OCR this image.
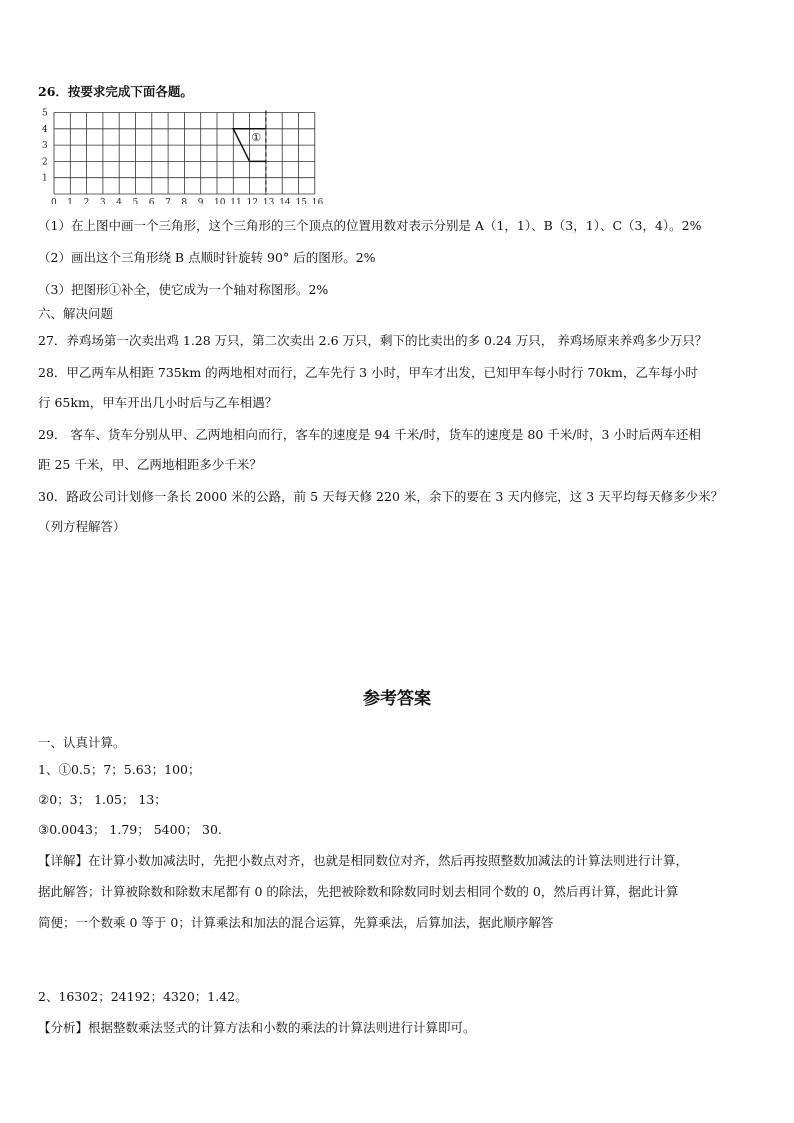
26．按要求完成下面各题。
0 1 2 3 4 5 6 7 8 9 10 11 12 13 14 15 16
1
2
3
4
5
①
（1）在上图中画一个三角形，这个三角形的三个顶点的位置用数对表示分别是 A（1，1）、B（3，1）、C（3，4）。2%
（2）画出这个三角形绕 B 点顺时针旋转 90° 后的图形。2%
（3）把图形①补全，使它成为一个轴对称图形。2%
六、解决问题
27．养鸡场第一次卖出鸡 1.28 万只，第二次卖出 2.6 万只，剩下的比卖出的多 0.24 万只， 养鸡场原来养鸡多少万只？
28．甲乙两车从相距 735km 的两地相对而行，乙车先行 3 小时，甲车才出发，已知甲车每小时行 70km，乙车每小时
行 65km，甲车开出几小时后与乙车相遇？
29． 客车、货车分别从甲、乙两地相向而行，客车的速度是 94 千米/时，货车的速度是 80 千米/时，3 小时后两车还相
距 25 千米，甲、乙两地相距多少千米？
30．路政公司计划修一条长 2000 米的公路，前 5 天每天修 220 米，余下的要在 3 天内修完，这 3 天平均每天修多少米？
（列方程解答）
参考答案
一、认真计算。
1、①0.5；7；5.63；100；
②0；3； 1.05； 13；
③0.0043； 1.79； 5400； 30.
【详解】在计算小数加减法时，先把小数点对齐，也就是相同数位对齐，然后再按照整数加减法的计算法则进行计算，
据此解答；计算被除数和除数末尾都有 0 的除法，先把被除数和除数同时划去相同个数的 0，然后再计算，据此计算
简便；一个数乘 0 等于 0；计算乘法和加法的混合运算，先算乘法，后算加法，据此顺序解答
2、16302；24192；4320；1.42。
【分析】根据整数乘法竖式的计算方法和小数的乘法的计算法则进行计算即可。
